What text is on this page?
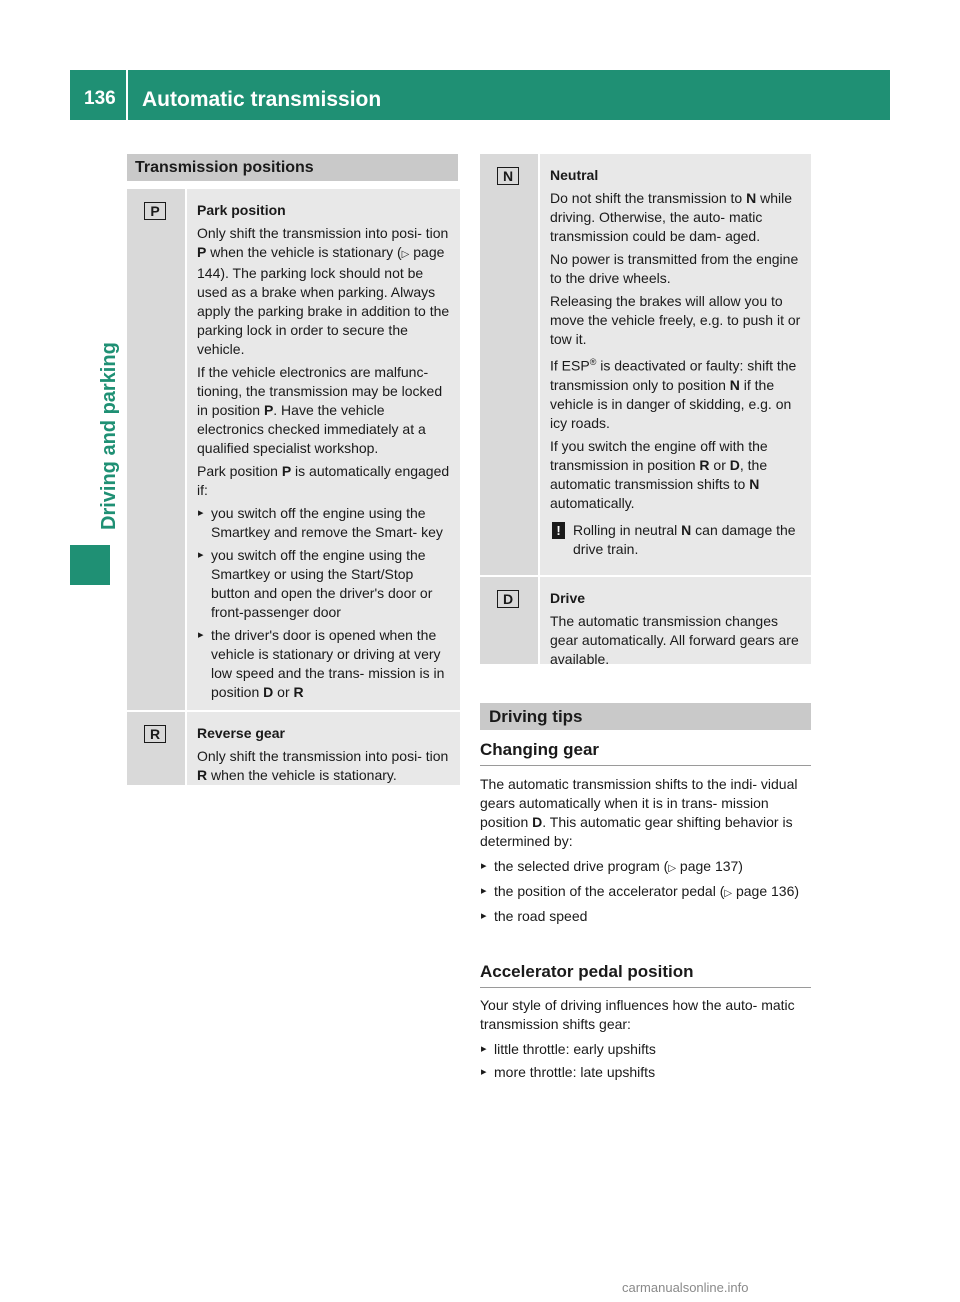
136 Automatic transmission
Driving and parking
Transmission positions
P	Park position

Only shift the transmission into posi- tion P when the vehicle is stationary (▷ page 144). The parking lock should not be used as a brake when parking. Always apply the parking brake in addition to the parking lock in order to secure the vehicle.

If the vehicle electronics are malfunc- tioning, the transmission may be locked in position P. Have the vehicle electronics checked immediately at a qualified specialist workshop.

Park position P is automatically engaged if:

▸ you switch off the engine using the Smartkey and remove the Smart- key
▸ you switch off the engine using the Smartkey or using the Start/Stop button and open the driver's door or front-passenger door
▸ the driver's door is opened when the vehicle is stationary or driving at very low speed and the trans- mission is in position D or R
R	Reverse gear

Only shift the transmission into posi- tion R when the vehicle is stationary.

N	Neutral

Do not shift the transmission to N while driving. Otherwise, the auto- matic transmission could be dam- aged.

No power is transmitted from the engine to the drive wheels.

Releasing the brakes will allow you to move the vehicle freely, e.g. to push it or tow it.

If ESP® is deactivated or faulty: shift the transmission only to position N if the vehicle is in danger of skidding, e.g. on icy roads.

If you switch the engine off with the transmission in position R or D, the automatic transmission shifts to N automatically.

! Rolling in neutral N can damage the drive train.
D	Drive

The automatic transmission changes gear automatically. All forward gears are available.

Driving tips
Changing gear

The automatic transmission shifts to the indi- vidual gears automatically when it is in trans- mission position D. This automatic gear shifting behavior is determined by:

▸ the selected drive program (▷ page 137)
▸ the position of the accelerator pedal (▷ page 136)
▸ the road speed
Accelerator pedal position

Your style of driving influences how the auto- matic transmission shifts gear:

▸ little throttle: early upshifts
▸ more throttle: late upshifts
carmanualsonline.info
